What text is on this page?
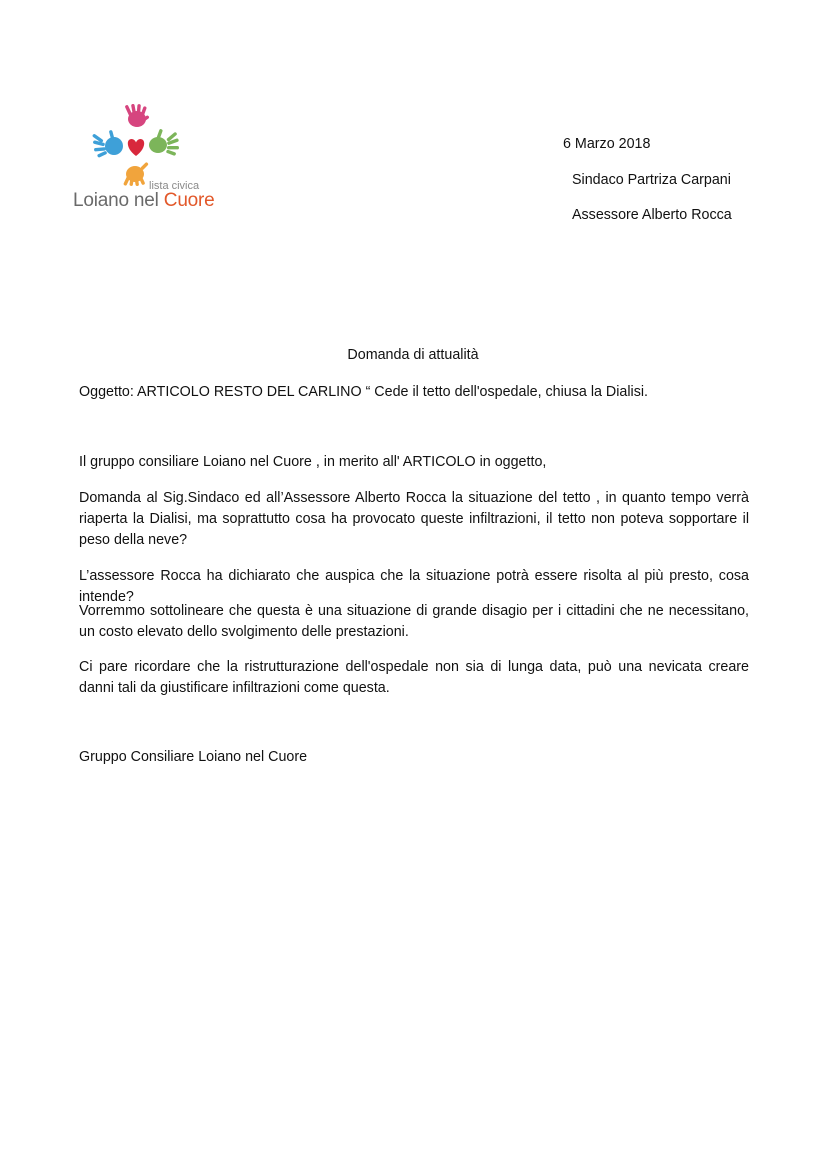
lista civica
Loiano nel Cuore
6 Marzo 2018
Sindaco Partriza Carpani
Assessore Alberto Rocca
Domanda di attualità
Oggetto: ARTICOLO RESTO DEL CARLINO “ Cede il tetto dell'ospedale, chiusa la Dialisi.

Il gruppo consiliare Loiano nel Cuore , in merito all' ARTICOLO in oggetto,

Domanda al Sig.Sindaco ed all’Assessore Alberto Rocca la situazione del tetto , in quanto tempo verrà riaperta la Dialisi, ma soprattutto cosa ha provocato queste infiltrazioni, il tetto non poteva sopportare il peso della neve?

L’assessore Rocca ha dichiarato che auspica che la situazione potrà essere risolta al più presto, cosa intende?

Vorremmo sottolineare che questa è una situazione di grande disagio per i cittadini che ne necessitano, un costo elevato dello svolgimento delle prestazioni.

Ci pare ricordare che la ristrutturazione dell'ospedale non sia di lunga data, può una nevicata creare danni tali da giustificare infiltrazioni come questa.

Gruppo Consiliare Loiano nel Cuore
